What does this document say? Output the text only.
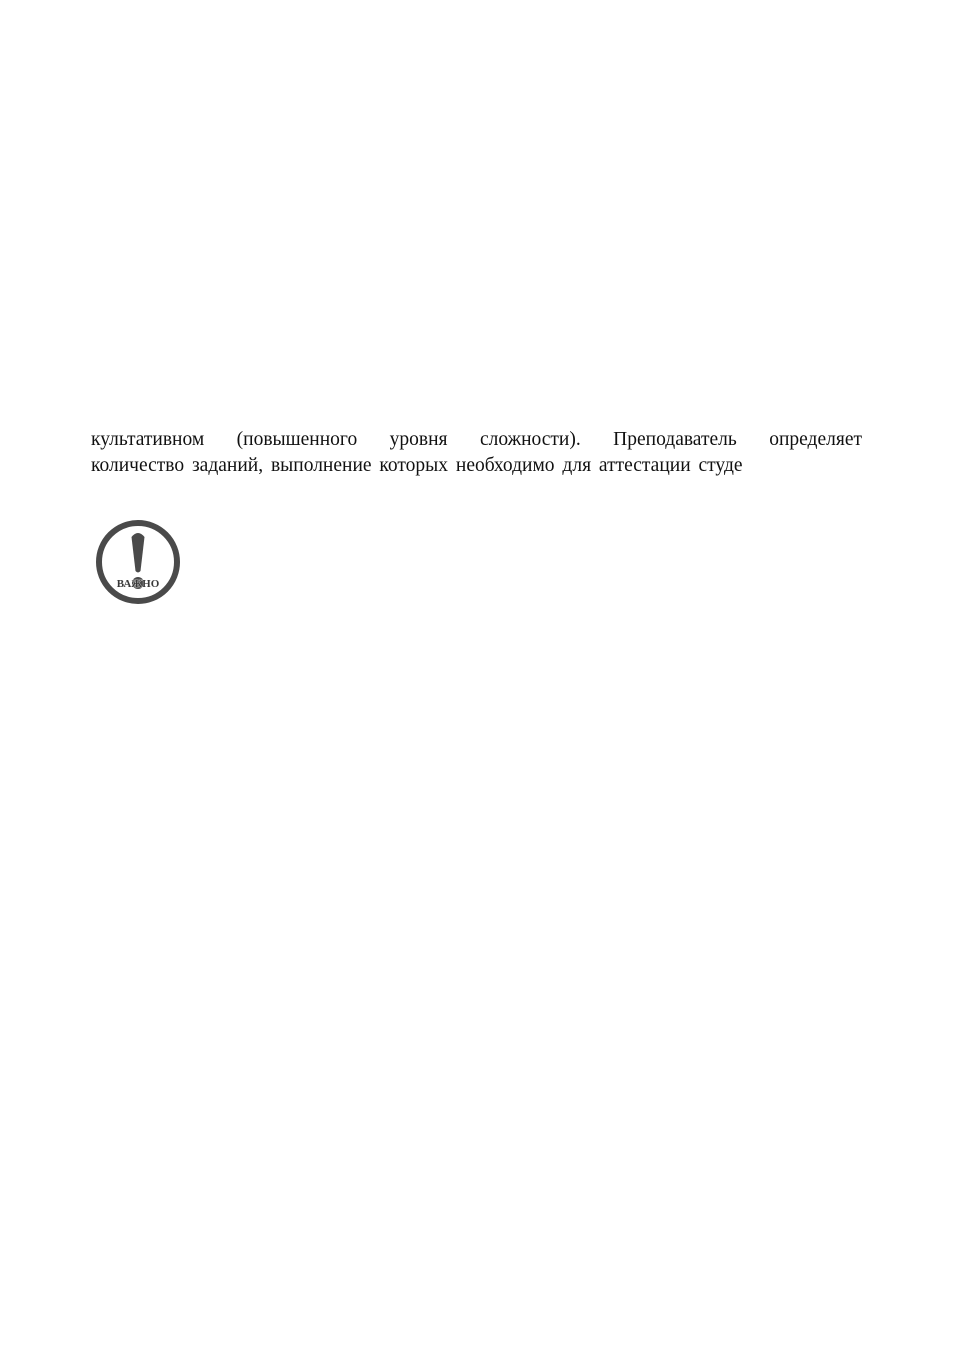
культативном (повышенного уровня сложности). Преподаватель определяет
количество заданий, выполнение которых необходимо для аттестации студе
ВАЖНО
